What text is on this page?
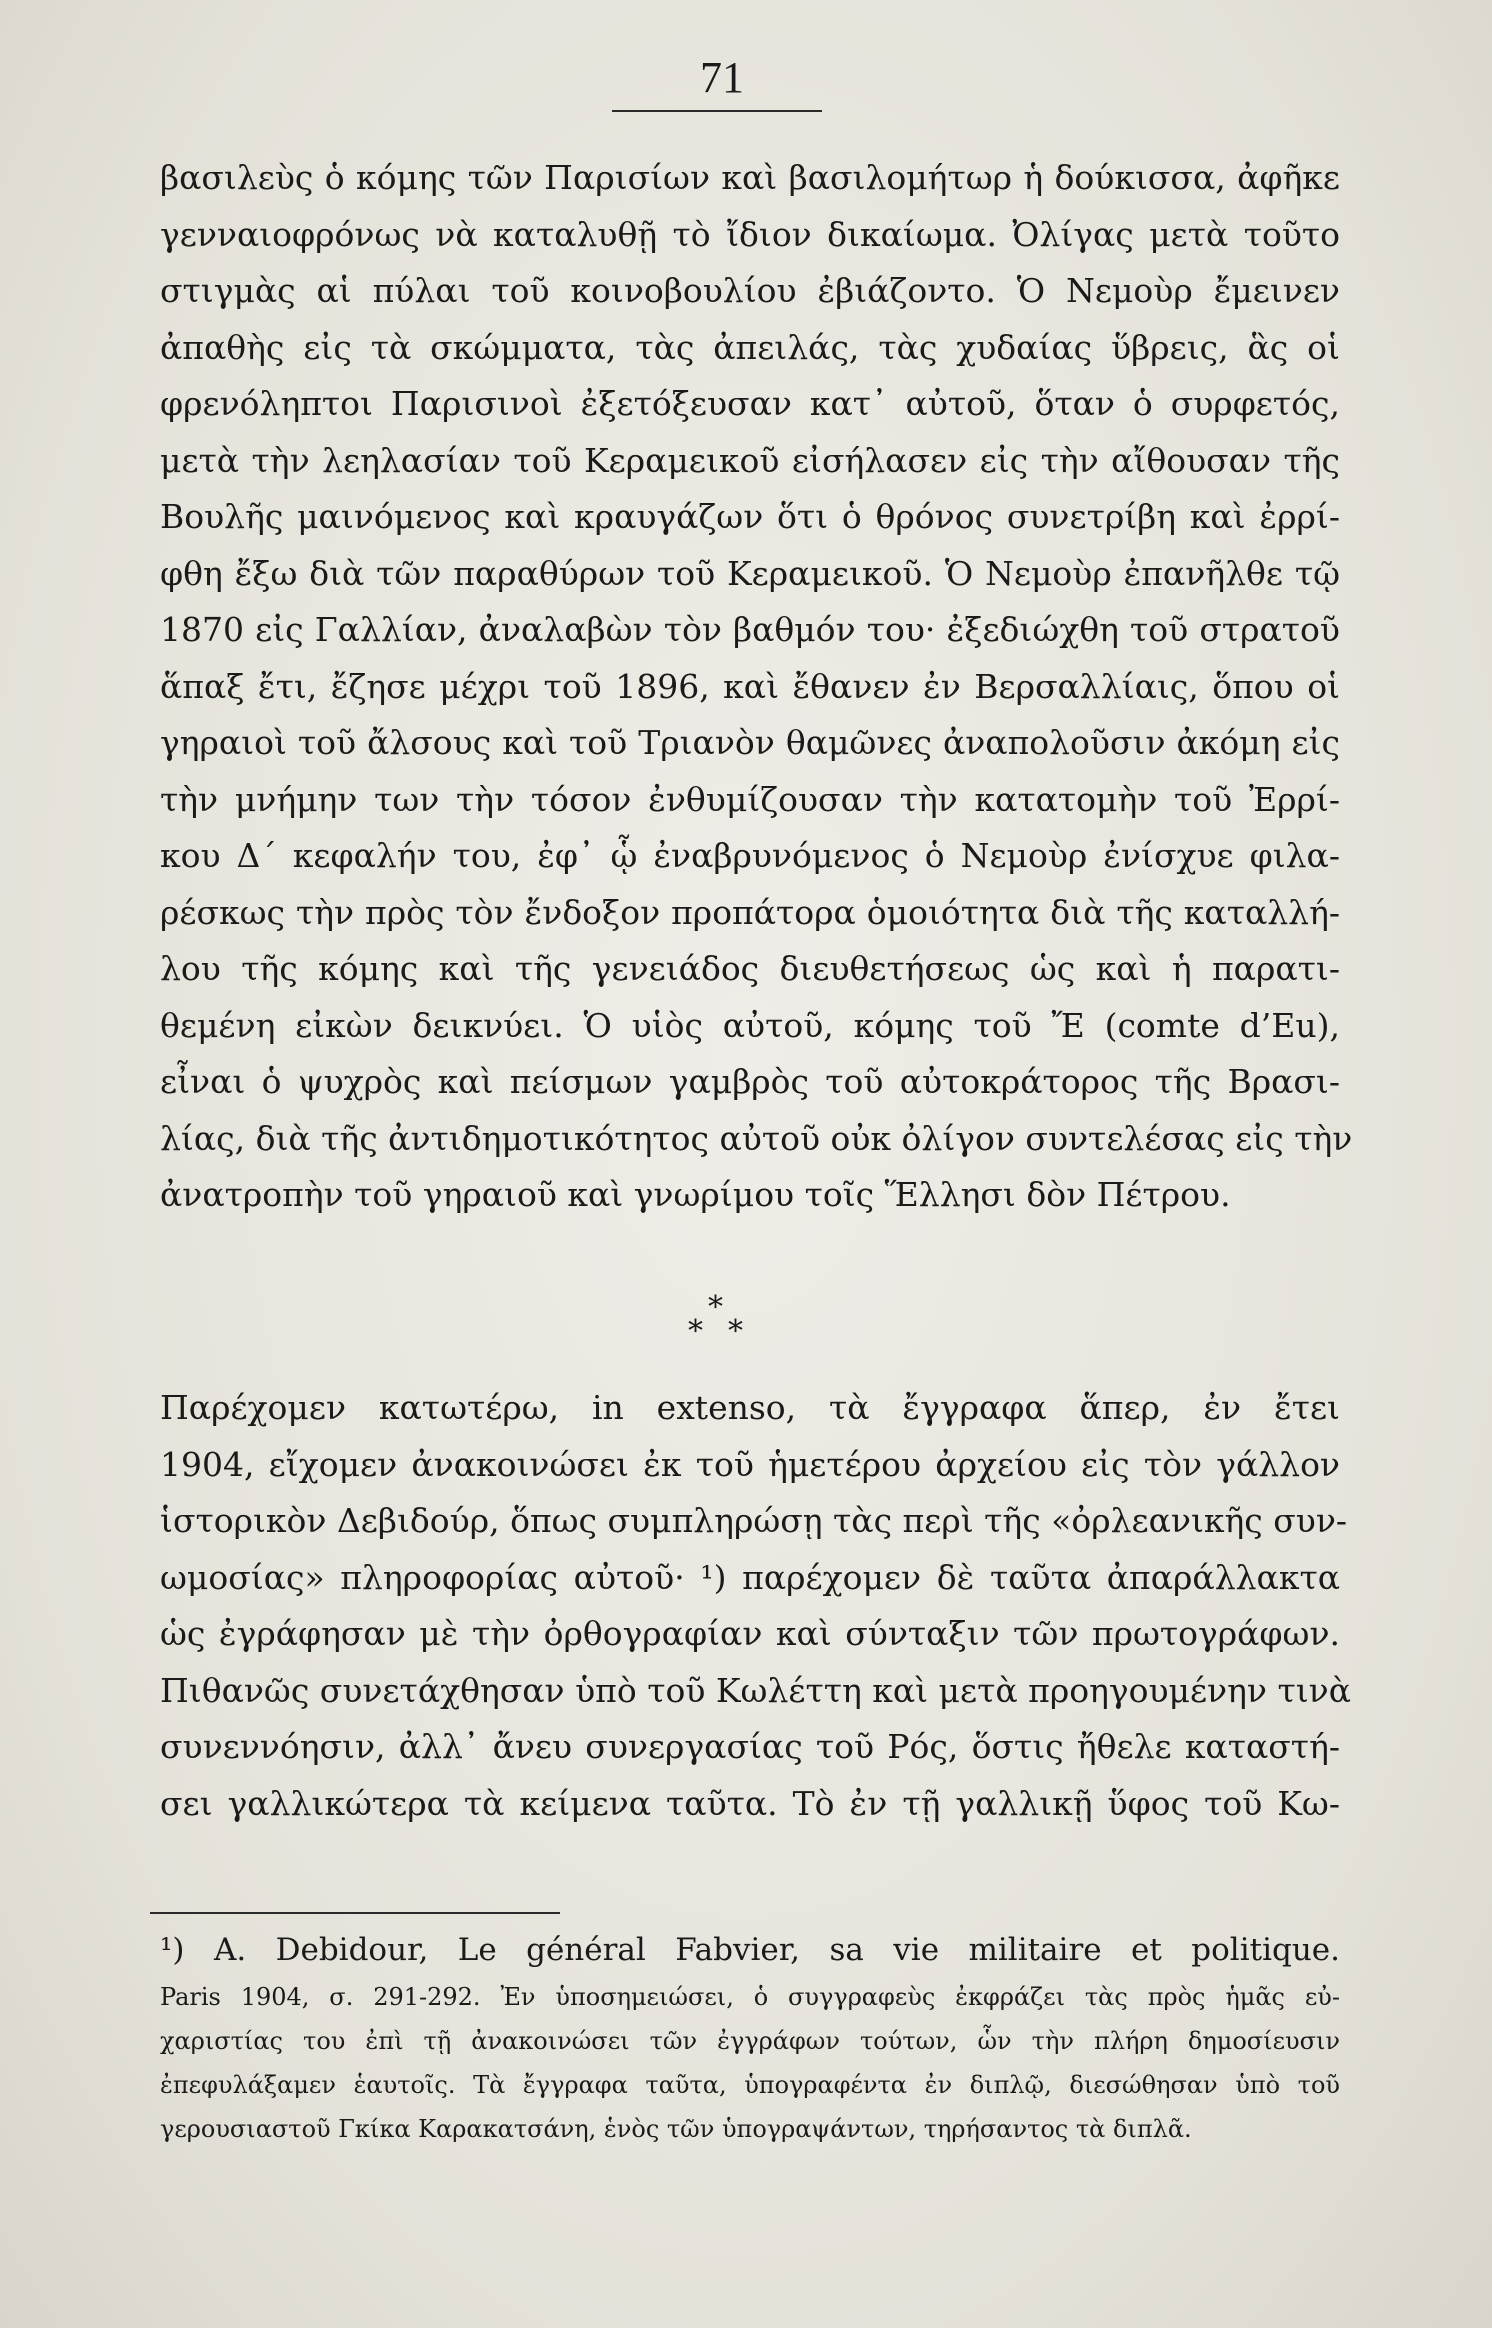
71
βασιλεὺς ὁ κόμης τῶν Παρισίων καὶ βασιλομήτωρ ἡ δούκισσα, ἀφῆκε
γενναιοφρόνως νὰ καταλυθῇ τὸ ἴδιον δικαίωμα. Ὀλίγας μετὰ τοῦτο
στιγμὰς αἱ πύλαι τοῦ κοινοβουλίου ἐβιάζοντο. Ὁ Νεμοὺρ ἔμεινεν
ἀπαθὴς εἰς τὰ σκώμματα, τὰς ἀπειλάς, τὰς χυδαίας ὕβρεις, ἃς οἱ
φρενόληπτοι Παρισινοὶ ἐξετόξευσαν κατ᾿ αὐτοῦ, ὅταν ὁ συρφετός,
μετὰ τὴν λεηλασίαν τοῦ Κεραμεικοῦ εἰσήλασεν εἰς τὴν αἴθουσαν τῆς
Βουλῆς μαινόμενος καὶ κραυγάζων ὅτι ὁ θρόνος συνετρίβη καὶ ἐρρί-
φθη ἔξω διὰ τῶν παραθύρων τοῦ Κεραμεικοῦ. Ὁ Νεμοὺρ ἐπανῆλθε τῷ
1870 εἰς Γαλλίαν, ἀναλαβὼν τὸν βαθμόν του· ἐξεδιώχθη τοῦ στρατοῦ
ἅπαξ ἔτι, ἔζησε μέχρι τοῦ 1896, καὶ ἔθανεν ἐν Βερσαλλίαις, ὅπου οἱ
γηραιοὶ τοῦ ἄλσους καὶ τοῦ Τριανὸν θαμῶνες ἀναπολοῦσιν ἀκόμη εἰς
τὴν μνήμην των τὴν τόσον ἐνθυμίζουσαν τὴν κατατομὴν τοῦ Ἐρρί-
κου Δ´ κεφαλήν του, ἐφ᾿ ᾧ ἐναβρυνόμενος ὁ Νεμοὺρ ἐνίσχυε φιλα-
ρέσκως τὴν πρὸς τὸν ἔνδοξον προπάτορα ὁμοιότητα διὰ τῆς καταλλή-
λου τῆς κόμης καὶ τῆς γενειάδος διευθετήσεως ὡς καὶ ἡ παρατι-
θεμένη εἰκὼν δεικνύει. Ὁ υἱὸς αὐτοῦ, κόμης τοῦ Ἔ (comte d’Eu),
εἶναι ὁ ψυχρὸς καὶ πείσμων γαμβρὸς τοῦ αὐτοκράτορος τῆς Βρασι-
λίας, διὰ τῆς ἀντιδημοτικότητος αὐτοῦ οὐκ ὀλίγον συντελέσας εἰς τὴν
ἀνατροπὴν τοῦ γηραιοῦ καὶ γνωρίμου τοῖς Ἕλλησι δὸν Πέτρου.
*
* *
Παρέχομεν κατωτέρω, in extenso, τὰ ἔγγραφα ἅπερ, ἐν ἔτει
1904, εἴχομεν ἀνακοινώσει ἐκ τοῦ ἡμετέρου ἀρχείου εἰς τὸν γάλλον
ἱστορικὸν Δεβιδούρ, ὅπως συμπληρώσῃ τὰς περὶ τῆς «ὀρλεανικῆς συν-
ωμοσίας» πληροφορίας αὐτοῦ· ¹) παρέχομεν δὲ ταῦτα ἀπαράλλακτα
ὡς ἐγράφησαν μὲ τὴν ὀρθογραφίαν καὶ σύνταξιν τῶν πρωτογράφων.
Πιθανῶς συνετάχθησαν ὑπὸ τοῦ Κωλέττη καὶ μετὰ προηγουμένην τινὰ
συνεννόησιν, ἀλλ᾿ ἄνευ συνεργασίας τοῦ Ρός, ὅστις ἤθελε καταστή-
σει γαλλικώτερα τὰ κείμενα ταῦτα. Τὸ ἐν τῇ γαλλικῇ ὕφος τοῦ Κω-
¹) A. Debidour, Le général Fabvier, sa vie militaire et politique.
Paris 1904, σ. 291-292. Ἐν ὑποσημειώσει, ὁ συγγραφεὺς ἐκφράζει τὰς πρὸς ἡμᾶς εὐ-
χαριστίας του ἐπὶ τῇ ἀνακοινώσει τῶν ἐγγράφων τούτων, ὧν τὴν πλήρη δημοσίευσιν
ἐπεφυλάξαμεν ἑαυτοῖς. Τὰ ἔγγραφα ταῦτα, ὑπογραφέντα ἐν διπλῷ, διεσώθησαν ὑπὸ τοῦ
γερουσιαστοῦ Γκίκα Καρακατσάνη, ἑνὸς τῶν ὑπογραψάντων, τηρήσαντος τὰ διπλᾶ.
